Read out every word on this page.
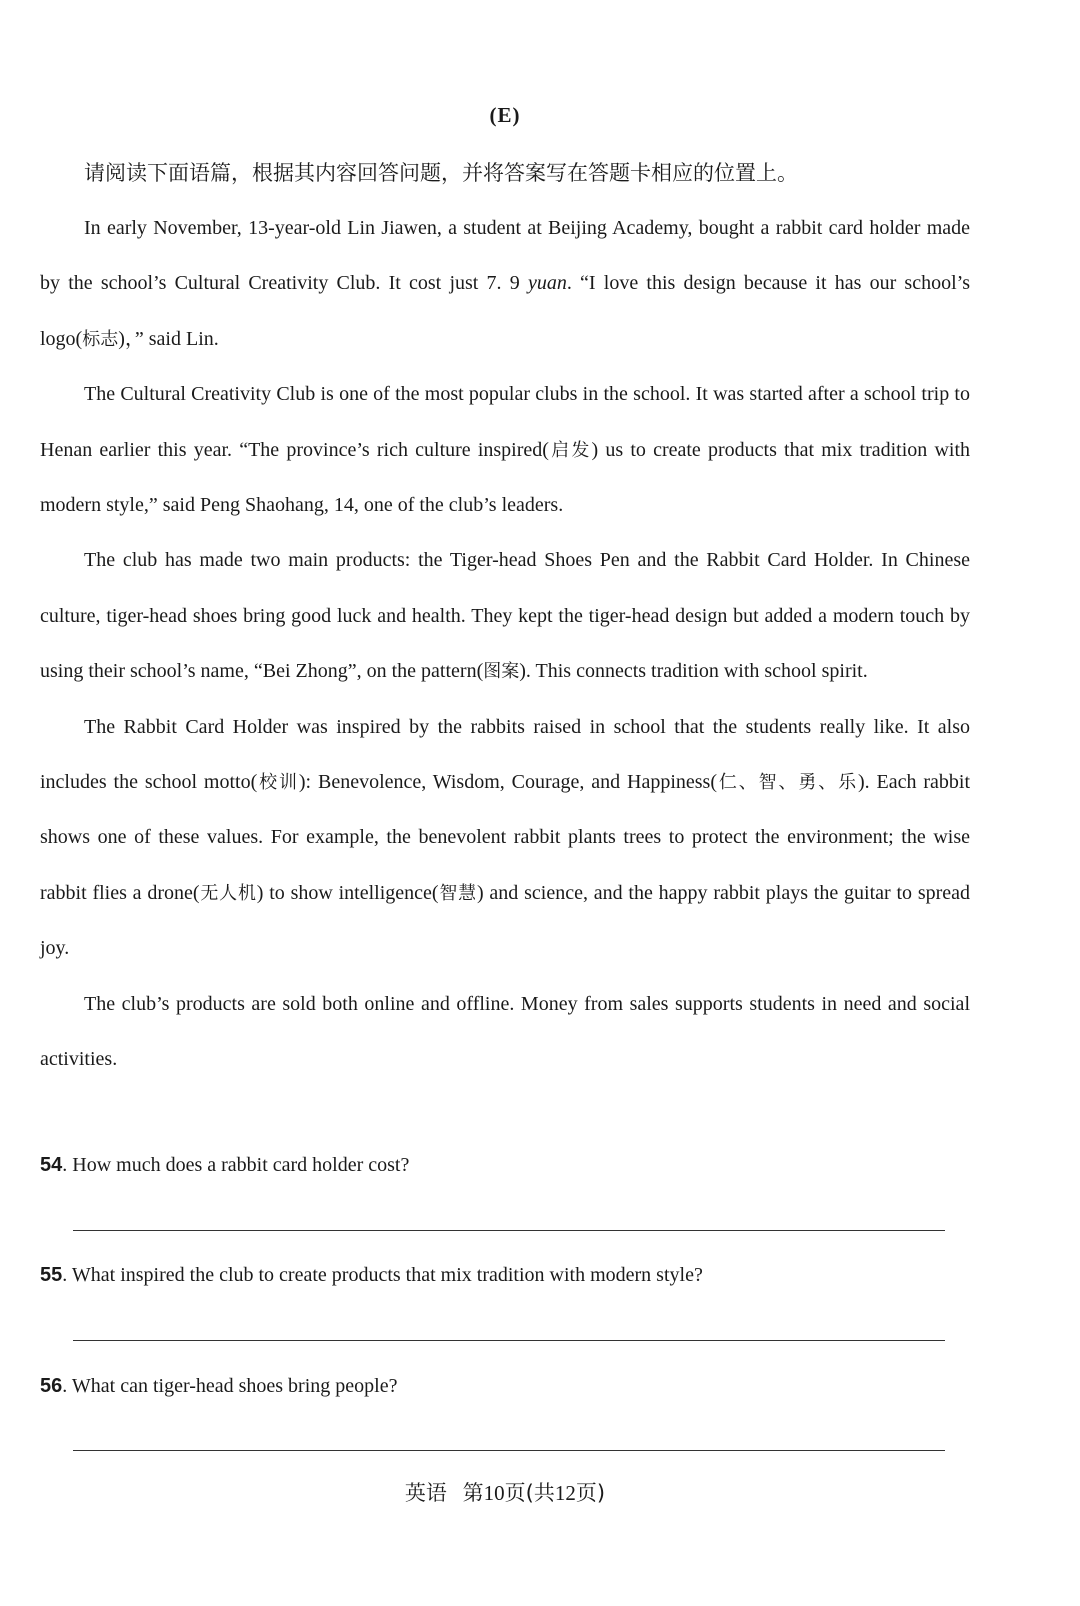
(E)
请阅读下面语篇，根据其内容回答问题，并将答案写在答题卡相应的位置上。

In early November, 13-year-old Lin Jiawen, a student at Beijing Academy, bought a rabbit card holder made by the school’s Cultural Creativity Club. It cost just 7. 9 yuan. “I love this design because it has our school’s logo(标志)，” said Lin.

The Cultural Creativity Club is one of the most popular clubs in the school. It was started after a school trip to Henan earlier this year. “The province’s rich culture inspired(启发) us to create products that mix tradition with modern style,” said Peng Shaohang, 14, one of the club’s leaders.

The club has made two main products: the Tiger-head Shoes Pen and the Rabbit Card Holder. In Chinese culture, tiger-head shoes bring good luck and health. They kept the tiger-head design but added a modern touch by using their school’s name, “Bei Zhong”, on the pattern(图案). This connects tradition with school spirit.

The Rabbit Card Holder was inspired by the rabbits raised in school that the students really like. It also includes the school motto(校训): Benevolence, Wisdom, Courage, and Happiness(仁、智、勇、乐). Each rabbit shows one of these values. For example, the benevolent rabbit plants trees to protect the environment; the wise rabbit flies a drone(无人机) to show intelligence(智慧) and science, and the happy rabbit plays the guitar to spread joy.

The club’s products are sold both online and offline. Money from sales supports students in need and social activities.

54. How much does a rabbit card holder cost?
55. What inspired the club to create products that mix tradition with modern style?
56. What can tiger-head shoes bring people?
英语 第10页(共12页)
